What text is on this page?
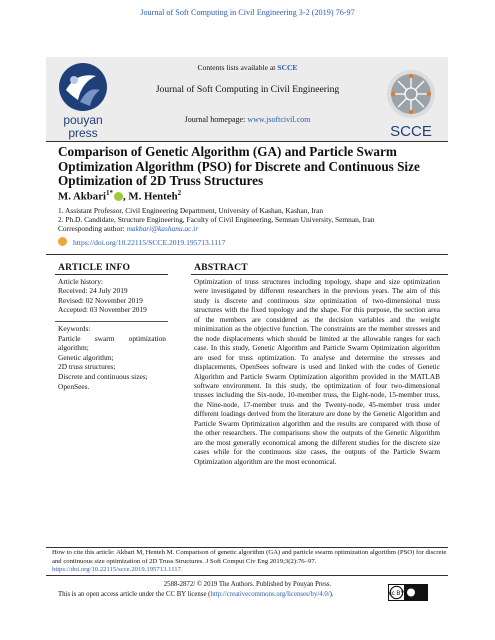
Journal of Soft Computing in Civil Engineering 3-2 (2019) 76-97
pouyan
press	SCCE
Contents lists available at SCCE
Journal of Soft Computing in Civil Engineering
Journal homepage: www.jsoftcivil.com
Comparison of Genetic Algorithm (GA) and Particle Swarm Optimization Algorithm (PSO) for Discrete and Continuous Size Optimization of 2D Truss Structures
M. Akbari$^{1*}$ , M. Henteh$^2$
1. Assistant Professor, Civil Engineering Department, University of Kashan, Kashan, Iran
2. Ph.D. Candidate, Structure Engineering, Faculty of Civil Engineering, Semnan University, Semnan, Iran
Corresponding author: makbari@kashanu.ac.ir
https://doi.org/10.22115/SCCE.2019.195713.1117
ARTICLE INFO	ABSTRACT
Article history:
Received: 24 July 2019
Revised: 02 November 2019
Accepted: 03 November 2019
Keywords:
Particle swarm optimization
algorithm;
Genetic algorithm;
2D truss structures;
Discrete and continuous sizes;
OpenSees.
Optimization of truss structures including topology, shape and size optimization were investigated by different researchers in the previous years. The aim of this study is discrete and continuous size optimization of two-dimensional truss structures with the fixed topology and the shape. For this purpose, the section area of the members are considered as the decision variables and the weight minimization as the objective function. The constraints are the member stresses and the node displacements which should be limited at the allowable ranges for each case. In this study, Genetic Algorithm and Particle Swarm Optimization algorithm are used for truss optimization. To analyse and determine the stresses and displacements, OpenSees software is used and linked with the codes of Genetic Algorithm and Particle Swarm Optimization algorithm provided in the MATLAB software environment. In this study, the optimization of four two-dimensional trusses including the Six-node, 10-member truss, the Eight-node, 15-member truss, the Nine-node, 17-member truss and the Twenty-node, 45-member truss under different loadings derived from the literature are done by the Genetic Algorithm and Particle Swarm Optimization algorithm and the results are compared with those of the other researchers. The comparisons show the outputs of the Genetic Algorithm are the most generally economical among the different studies for the discrete size cases while for the continuous size cases, the outputs of the Particle Swarm Optimization algorithm are the most economical.
How to cite this article: Akbari M, Henteh M. Comparison of genetic algorithm (GA) and particle swarm optimization algorithm (PSO) for discrete and continuous size optimization of 2D Truss Structures. J Soft Comput Civ Eng 2019;3(2):76–97. https://doi.org/10.22115/scce.2019.195713.1117.
2588-2872/ © 2019 The Authors. Published by Pouyan Press.
This is an open access article under the CC BY license (http://creativecommons.org/licenses/by/4.0/).	cc BY
